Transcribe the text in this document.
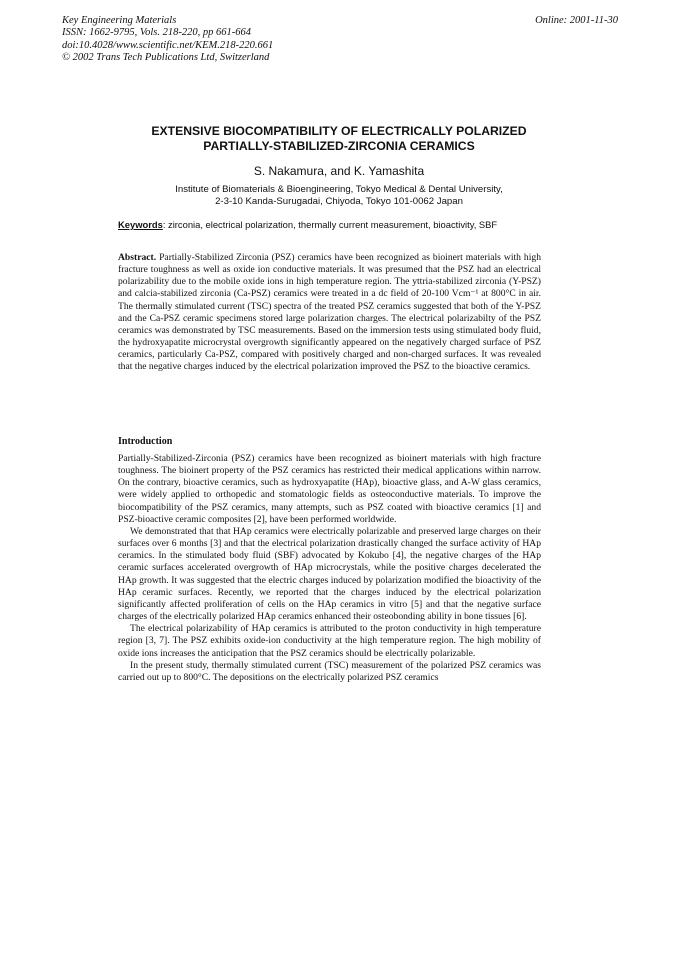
Key Engineering Materials
ISSN: 1662-9795, Vols. 218-220, pp 661-664
doi:10.4028/www.scientific.net/KEM.218-220.661
© 2002 Trans Tech Publications Ltd, Switzerland
Online: 2001-11-30
EXTENSIVE BIOCOMPATIBILITY OF ELECTRICALLY POLARIZED
PARTIALLY-STABILIZED-ZIRCONIA CERAMICS
S. Nakamura, and K. Yamashita
Institute of Biomaterials & Bioengineering, Tokyo Medical & Dental University,
2-3-10 Kanda-Surugadai, Chiyoda, Tokyo 101-0062 Japan
Keywords: zirconia, electrical polarization, thermally current measurement, bioactivity, SBF
Abstract. Partially-Stabilized Zirconia (PSZ) ceramics have been recognized as bioinert materials with high fracture toughness as well as oxide ion conductive materials. It was presumed that the PSZ had an electrical polarizability due to the mobile oxide ions in high temperature region. The yttria-stabilized zirconia (Y-PSZ) and calcia-stabilized zirconia (Ca-PSZ) ceramics were treated in a dc field of 20-100 Vcm⁻¹ at 800°C in air. The thermally stimulated current (TSC) spectra of the treated PSZ ceramics suggested that both of the Y-PSZ and the Ca-PSZ ceramic specimens stored large polarization charges. The electrical polarizabilty of the PSZ ceramics was demonstrated by TSC measurements. Based on the immersion tests using stimulated body fluid, the hydroxyapatite microcrystal overgrowth significantly appeared on the negatively charged surface of PSZ ceramics, particularly Ca-PSZ, compared with positively charged and non-charged surfaces. It was revealed that the negative charges induced by the electrical polarization improved the PSZ to the bioactive ceramics.
Introduction

Partially-Stabilized-Zirconia (PSZ) ceramics have been recognized as bioinert materials with high fracture toughness. The bioinert property of the PSZ ceramics has restricted their medical applications within narrow. On the contrary, bioactive ceramics, such as hydroxyapatite (HAp), bioactive glass, and A-W glass ceramics, were widely applied to orthopedic and stomatologic fields as osteoconductive materials. To improve the biocompatibility of the PSZ ceramics, many attempts, such as PSZ coated with bioactive ceramics [1] and PSZ-bioactive ceramic composites [2], have been performed worldwide.

We demonstrated that that HAp ceramics were electrically polarizable and preserved large charges on their surfaces over 6 months [3] and that the electrical polarization drastically changed the surface activity of HAp ceramics. In the stimulated body fluid (SBF) advocated by Kokubo [4], the negative charges of the HAp ceramic surfaces accelerated overgrowth of HAp microcrystals, while the positive charges decelerated the HAp growth. It was suggested that the electric charges induced by polarization modified the bioactivity of the HAp ceramic surfaces. Recently, we reported that the charges induced by the electrical polarization significantly affected proliferation of cells on the HAp ceramics in vitro [5] and that the negative surface charges of the electrically polarized HAp ceramics enhanced their osteobonding ability in bone tissues [6].

The electrical polarizability of HAp ceramics is attributed to the proton conductivity in high temperature region [3, 7]. The PSZ exhibits oxide-ion conductivity at the high temperature region. The high mobility of oxide ions increases the anticipation that the PSZ ceramics should be electrically polarizable.

In the present study, thermally stimulated current (TSC) measurement of the polarized PSZ ceramics was carried out up to 800°C. The depositions on the electrically polarized PSZ ceramics
